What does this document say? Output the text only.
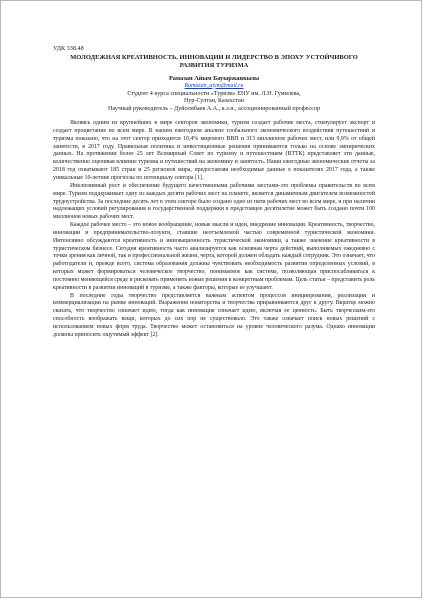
УДК 338.48

МОЛОДЕЖНАЯ КРЕАТИВНОСТЬ, ИННОВАЦИИ И ЛИДЕРСТВО В ЭПОХУ УСТОЙЧИВОГО РАЗВИТИЯ ТУРИЗМА

Рамазан Айым Бауыржанкызы

Ramazan_aiym@mail.ru

Студент 4 курса специальности «Туризм» ЕНУ им. Л.Н. Гумилева,

Нур-Султан, Казахстан

Научный руководитель – Дуйсембаев А.А., к.э.н., ассоционированный профессор

Являясь одним из крупнейших в мире секторов экономики, туризм создает рабочие места, стимулирует экспорт и создает процветание во всем мире. В нашем ежегодном анализе глобального экономического воздействия путешествий и туризма показано, что на этот сектор приходится 10,4% мирового ВВП и 313 миллионов рабочих мест, или 9,9% от общей занятости, в 2017 году. Правильная политика и инвестиционные решения принимаются только на основе эмпирических данных. На протяжении более 25 лет Всемирный Совет по туризму и путешествиям (ВТТК) представляет эти данные, количественно оценивая влияние туризма и путешествий на экономику и занятость. Наши ежегодные экономические отчеты за 2018 год охватывают 185 стран и 25 регионов мира, предоставляя необходимые данные о показателях 2017 года, а также уникальные 10-летние прогнозы по потенциалу сектора [1].

Инклюзивный рост и обеспечение будущего качественными рабочими местами-это проблемы правительств во всем мире. Туризм поддерживает одну из каждых десяти рабочих мест на планете, является динамичным двигателем возможностей трудоустройства. За последние десять лет в этом секторе было создано одно из пяти рабочих мест во всем мире, и при наличии надлежащих условий регулирования и государственной поддержки в предстоящее десятилетие может быть создано почти 100 миллионов новых рабочих мест.

Каждое рабочее место – это новое вообращение, новые мысли и идеи, внедрение инновации. Креативность, творчество, инновации и предпринимательство-лозунги, ставшие неотъемлемой частью современной туристической экономики. Интенсивно обсуждаются креативность и инновационность туристической экономики, а также значение креативности в туристическом бизнесе. Сегодня креативность часто анализируется как основная черта действий, выполняемых ежедневно с точки зрения как личной, так и профессиональной жизни, черта, которой должен обладать каждый сотрудник. Это означает, что работодатели и, прежде всего, система образования должны чувствовать необходимость развития определенных условий, в которых может формироваться человеческое творчество, понимаемое как система, позволяющая приспосабливаться к постоянно меняющейся среде и рисковать применять новые решения к конкретным проблемам. Цель статьи – представить роль креативности в развитии инноваций в туризме, а также факторы, которые ее улучшают.

В последние годы творчество представляется важным аспектом процессов инициирования, реализации и коммерциализации на рынке инноваций. Выражения новаторства и творчества приравниваются друг к другу. Вкратце можно сказать, что творчество означает идею, тогда как инновация означает идею, включая ее ценность. Быть творческим-это способность воображать вещи, которых до сих пор не существовало. Это также означает поиск новых решений с использованием новых форм труда. Творчество может остановиться на уровне человеческого разума. Однако инновации должны приносить ощутимый эффект [2].
